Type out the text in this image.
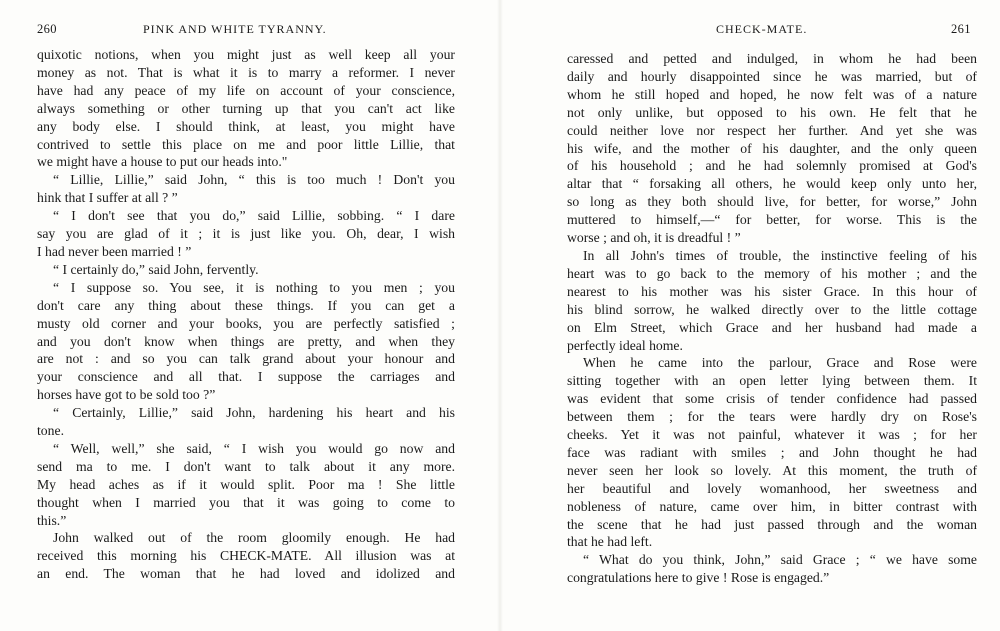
260	PINK AND WHITE TYRANNY.
quixotic notions, when you might just as well keep all your
money as not. That is what it is to marry a reformer. I never
have had any peace of my life on account of your conscience,
always something or other turning up that you can't act like
any body else. I should think, at least, you might have
contrived to settle this place on me and poor little Lillie, that
we might have a house to put our heads into."
“ Lillie, Lillie,” said John, “ this is too much ! Don't you
hink that I suffer at all ? ”
“ I don't see that you do,” said Lillie, sobbing. “ I dare
say you are glad of it ; it is just like you. Oh, dear, I wish
I had never been married ! ”
“ I certainly do,” said John, fervently.
“ I suppose so. You see, it is nothing to you men ; you
don't care any thing about these things. If you can get a
musty old corner and your books, you are perfectly satisfied ;
and you don't know when things are pretty, and when they
are not : and so you can talk grand about your honour and
your conscience and all that. I suppose the carriages and
horses have got to be sold too ?”
“ Certainly, Lillie,” said John, hardening his heart and his
tone.
“ Well, well,” she said, “ I wish you would go now and
send ma to me. I don't want to talk about it any more.
My head aches as if it would split. Poor ma ! She little
thought when I married you that it was going to come to
this.”
John walked out of the room gloomily enough. He had
received this morning his CHECK-MATE. All illusion was at
an end. The woman that he had loved and idolized and
CHECK-MATE.	261
caressed and petted and indulged, in whom he had been
daily and hourly disappointed since he was married, but of
whom he still hoped and hoped, he now felt was of a nature
not only unlike, but opposed to his own. He felt that he
could neither love nor respect her further. And yet she was
his wife, and the mother of his daughter, and the only queen
of his household ; and he had solemnly promised at God's
altar that “ forsaking all others, he would keep only unto her,
so long as they both should live, for better, for worse,” John
muttered to himself,—“ for better, for worse. This is the
worse ; and oh, it is dreadful ! ”
In all John's times of trouble, the instinctive feeling of his
heart was to go back to the memory of his mother ; and the
nearest to his mother was his sister Grace. In this hour of
his blind sorrow, he walked directly over to the little cottage
on Elm Street, which Grace and her husband had made a
perfectly ideal home.
When he came into the parlour, Grace and Rose were
sitting together with an open letter lying between them. It
was evident that some crisis of tender confidence had passed
between them ; for the tears were hardly dry on Rose's
cheeks. Yet it was not painful, whatever it was ; for her
face was radiant with smiles ; and John thought he had
never seen her look so lovely. At this moment, the truth of
her beautiful and lovely womanhood, her sweetness and
nobleness of nature, came over him, in bitter contrast with
the scene that he had just passed through and the woman
that he had left.
“ What do you think, John,” said Grace ; “ we have some
congratulations here to give ! Rose is engaged.”
